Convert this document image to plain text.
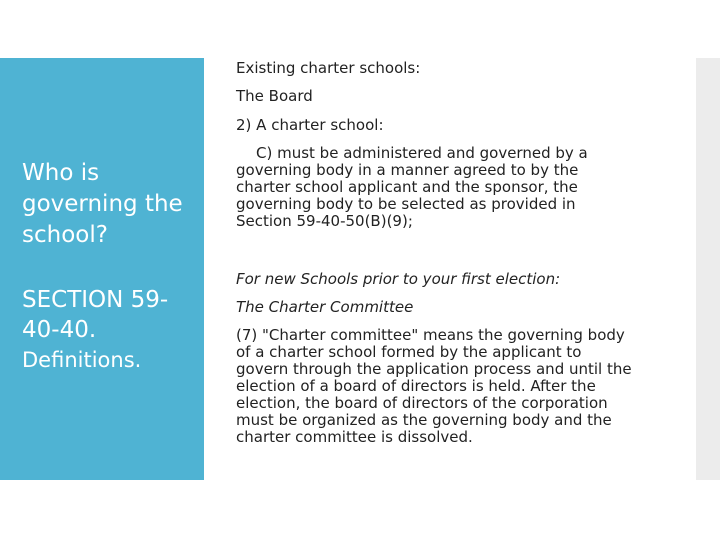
Who is governing the school?
SECTION 59-40-40.
Definitions.

Existing charter schools:

The Board

2) A charter school:

C) must be administered and governed by a governing body in a manner agreed to by the charter school applicant and the sponsor, the governing body to be selected as provided in Section 59-40-50(B)(9);

For new Schools prior to your first election:

The Charter Committee

(7) "Charter committee" means the governing body of a charter school formed by the applicant to govern through the application process and until the election of a board of directors is held. After the election, the board of directors of the corporation must be organized as the governing body and the charter committee is dissolved.
